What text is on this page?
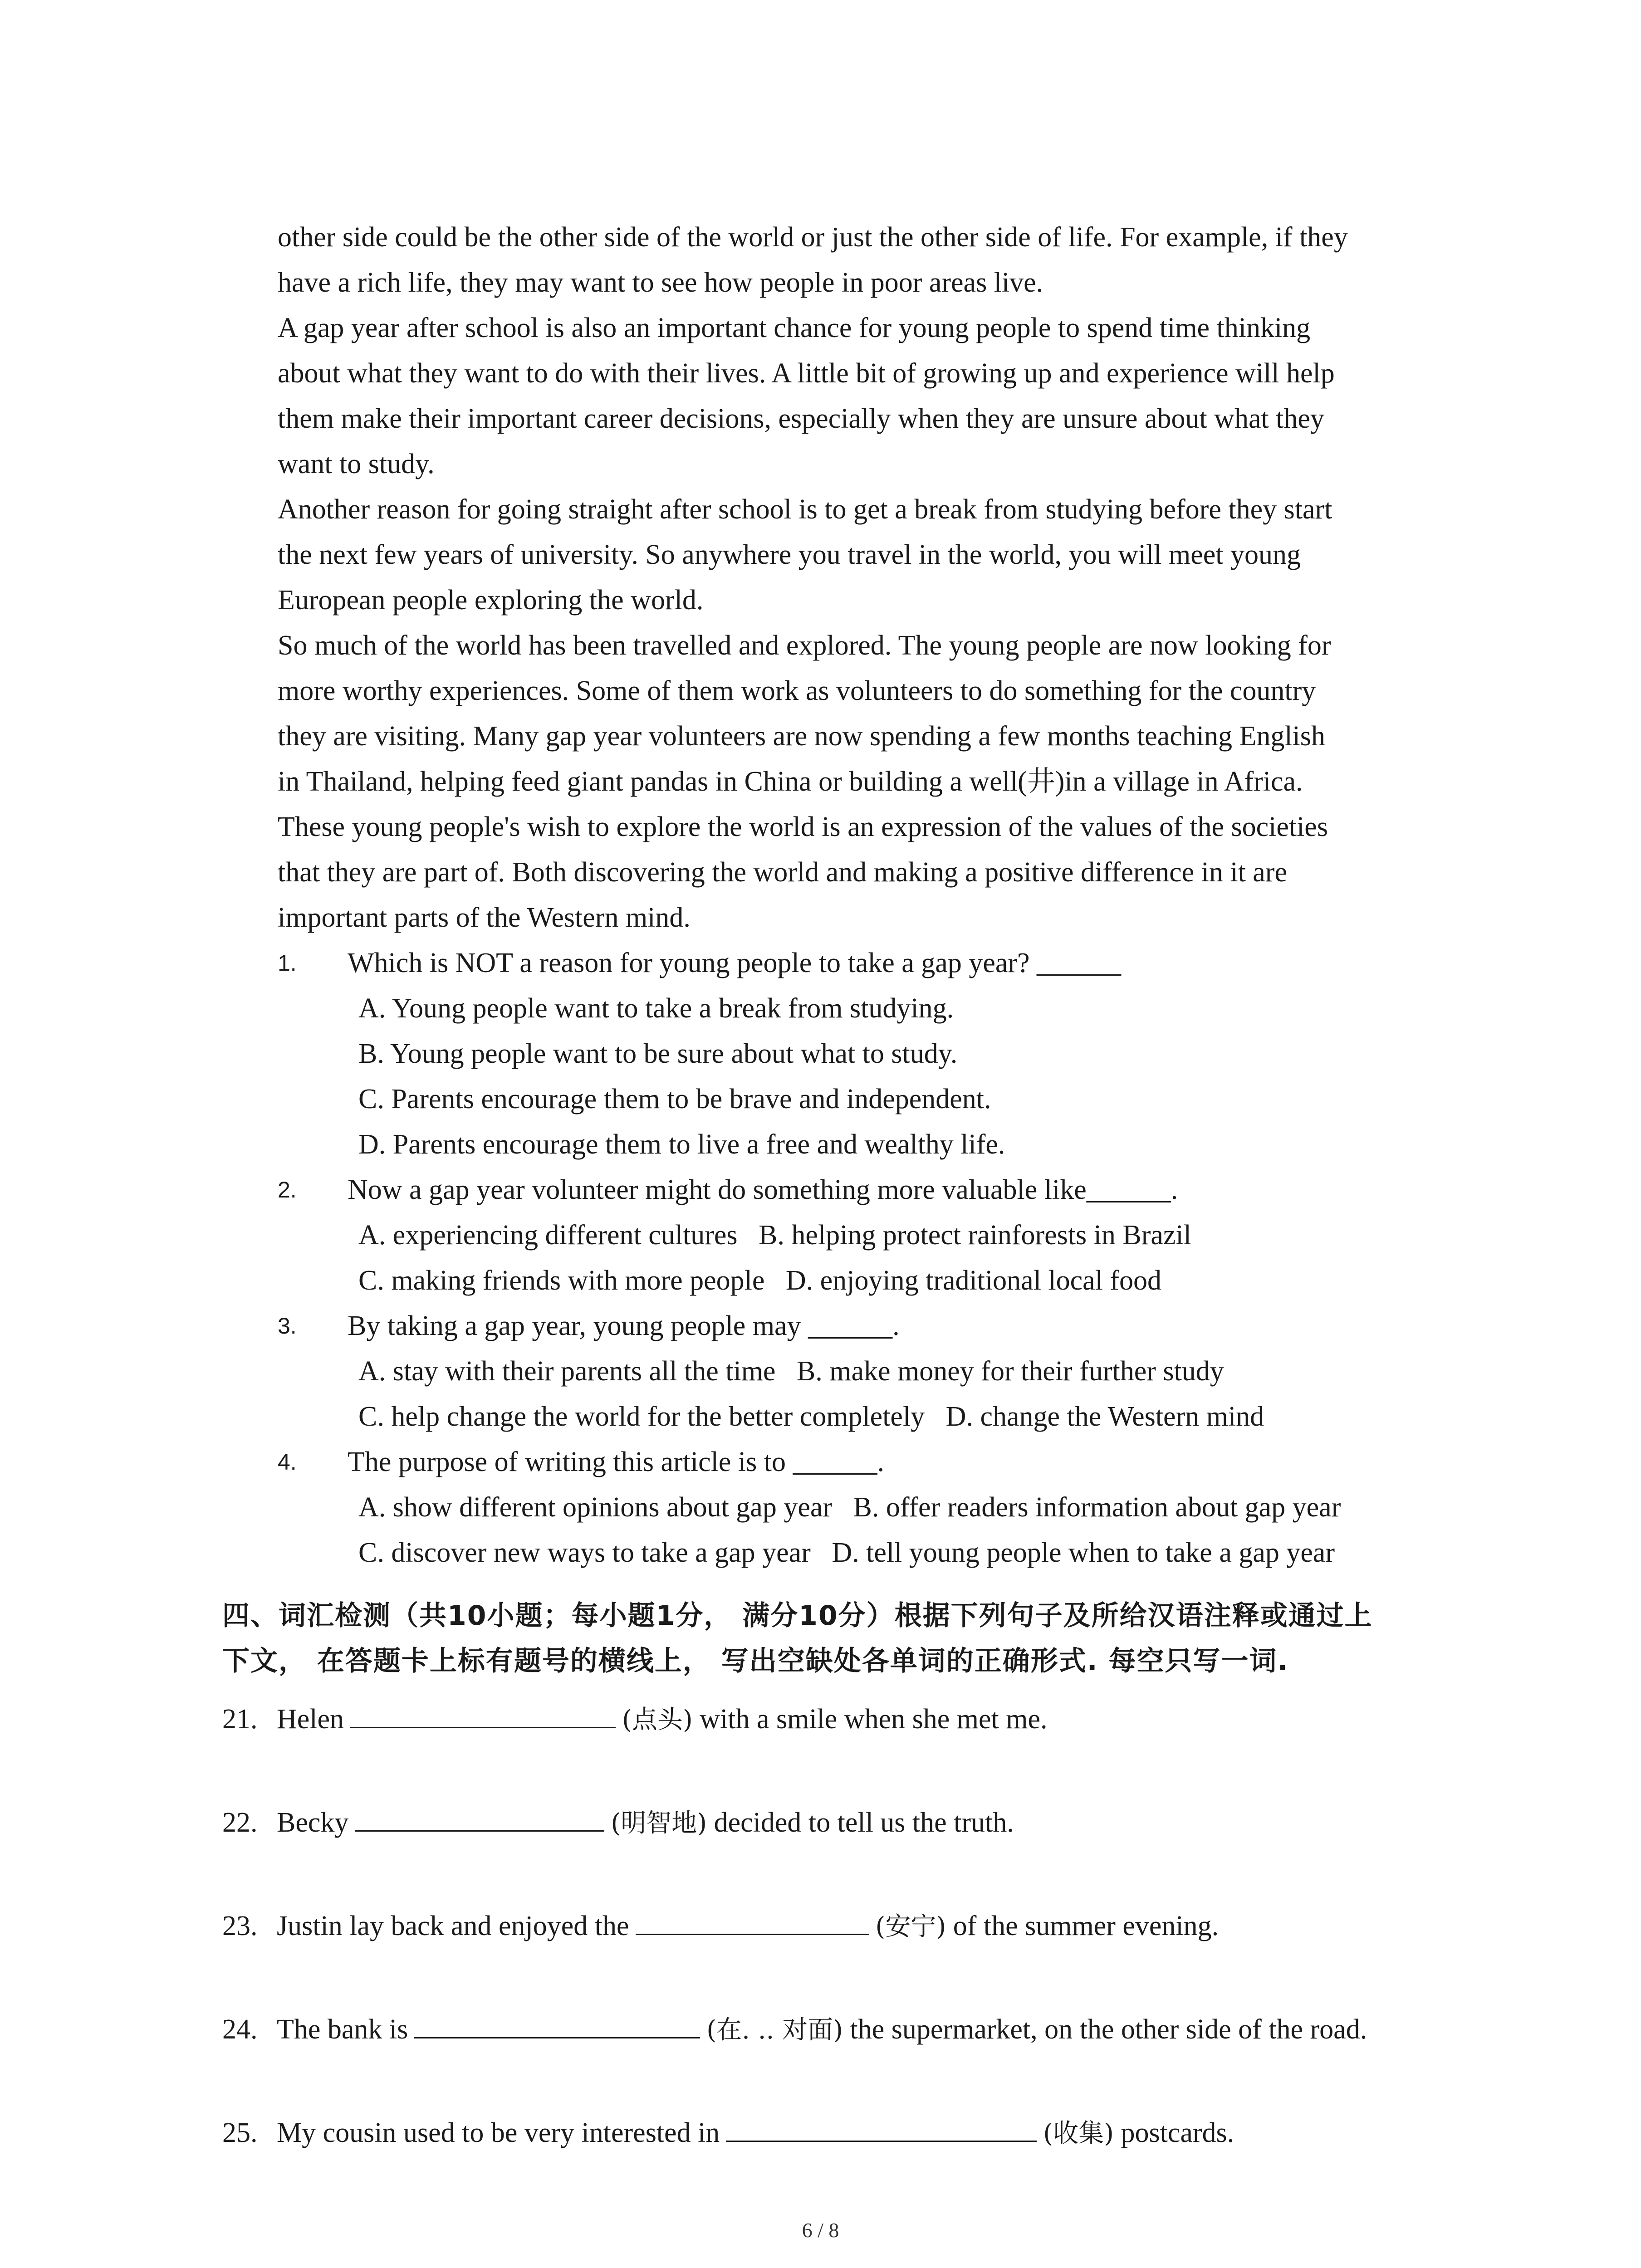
other side could be the other side of the world or just the other side of life. For example, if they
have a rich life, they may want to see how people in poor areas live.
A gap year after school is also an important chance for young people to spend time thinking
about what they want to do with their lives. A little bit of growing up and experience will help
them make their important career decisions, especially when they are unsure about what they
want to study.
Another reason for going straight after school is to get a break from studying before they start
the next few years of university. So anywhere you travel in the world, you will meet young
European people exploring the world.
So much of the world has been travelled and explored. The young people are now looking for
more worthy experiences. Some of them work as volunteers to do something for the country
they are visiting. Many gap year volunteers are now spending a few months teaching English
in Thailand, helping feed giant pandas in China or building a well(井)in a village in Africa.
These young people's wish to explore the world is an expression of the values of the societies
that they are part of. Both discovering the world and making a positive difference in it are
important parts of the Western mind.
1. Which is NOT a reason for young people to take a gap year? ______
A. Young people want to take a break from studying.
B. Young people want to be sure about what to study.
C. Parents encourage them to be brave and independent.
D. Parents encourage them to live a free and wealthy life.
2. Now a gap year volunteer might do something more valuable like______.
A. experiencing different cultures   B. helping protect rainforests in Brazil
C. making friends with more people   D. enjoying traditional local food
3. By taking a gap year, young people may ______.
A. stay with their parents all the time   B. make money for their further study
C. help change the world for the better completely   D. change the Western mind
4. The purpose of writing this article is to ______.
A. show different opinions about gap year   B. offer readers information about gap year
C. discover new ways to take a gap year   D. tell young people when to take a gap year
四、词汇检测（共10小题；每小题1分， 满分10分）根据下列句子及所给汉语注释或通过上
下文， 在答题卡上标有题号的横线上， 写出空缺处各单词的正确形式. 每空只写一词.
21. Helen	(点头) with a smile when she met me.
22. Becky	(明智地) decided to tell us the truth.
23. Justin lay back and enjoyed the	(安宁) of the summer evening.
24. The bank is	(在. .. 对面) the supermarket, on the other side of the road.
25. My cousin used to be very interested in	(收集) postcards.
6 / 8
